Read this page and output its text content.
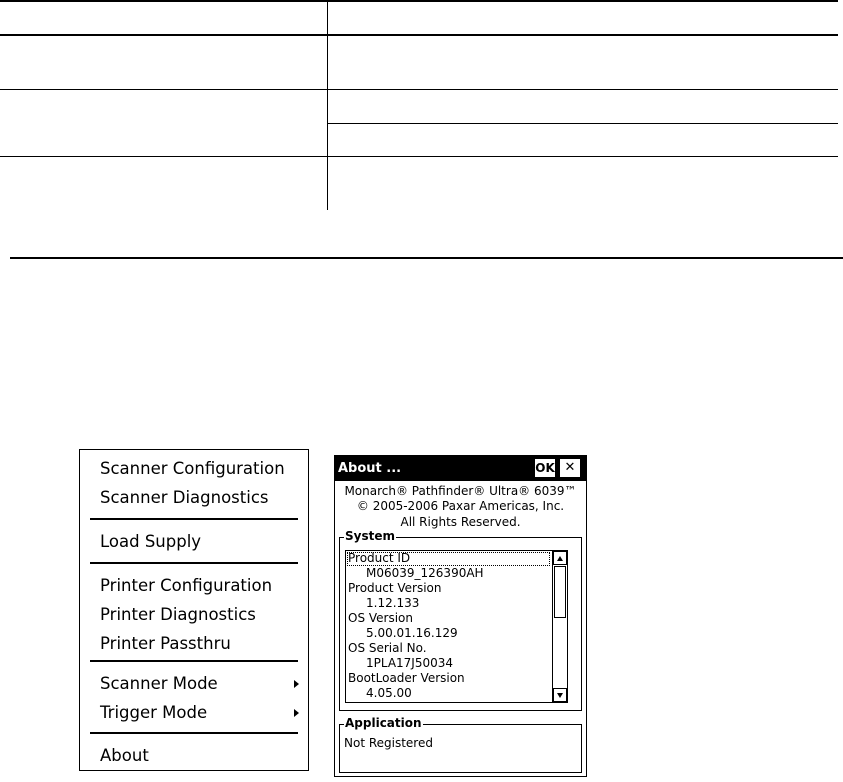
Scanner Configuration
Scanner Diagnostics
Load Supply
Printer Configuration
Printer Diagnostics
Printer Passthru
Scanner Mode
Trigger Mode
About
About ...	OK ✕
Monarch® Pathfinder® Ultra® 6039™
© 2005-2006 Paxar Americas, Inc.
All Rights Reserved.
System
Product ID
M06039_126390AH
Product Version
1.12.133
OS Version
5.00.01.16.129
OS Serial No.
1PLA17J50034
BootLoader Version
4.05.00
Application
Not Registered
